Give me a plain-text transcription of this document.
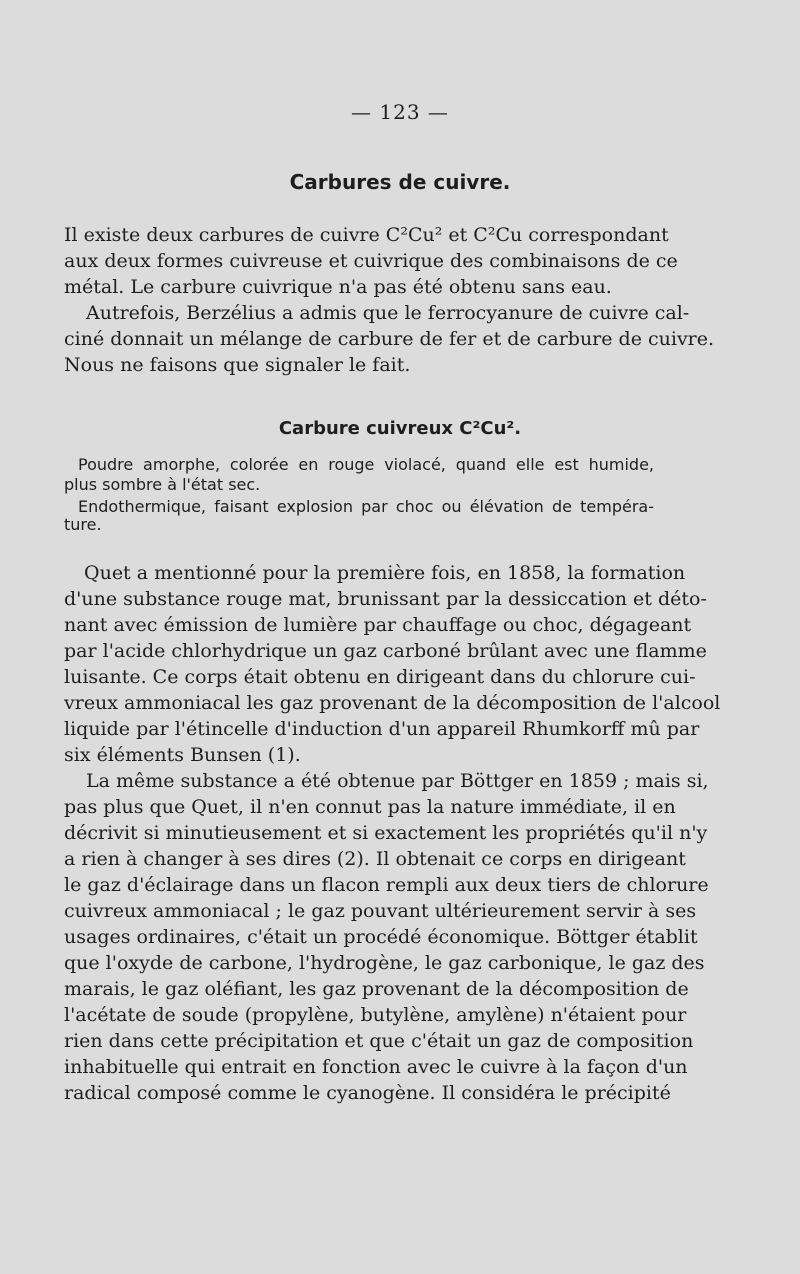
— 123 —
Carbures de cuivre.
Il existe deux carbures de cuivre C²Cu² et C²Cu correspondant
aux deux formes cuivreuse et cuivrique des combinaisons de ce
métal. Le carbure cuivrique n'a pas été obtenu sans eau.
Autrefois, Berzélius a admis que le ferrocyanure de cuivre cal-
ciné donnait un mélange de carbure de fer et de carbure de cuivre.
Nous ne faisons que signaler le fait.
Carbure cuivreux C²Cu².
Poudre amorphe, colorée en rouge violacé, quand elle est humide,
plus sombre à l'état sec.
Endothermique, faisant explosion par choc ou élévation de tempéra-
ture.
Quet a mentionné pour la première fois, en 1858, la formation
d'une substance rouge mat, brunissant par la dessiccation et déto-
nant avec émission de lumière par chauffage ou choc, dégageant
par l'acide chlorhydrique un gaz carboné brûlant avec une flamme
luisante. Ce corps était obtenu en dirigeant dans du chlorure cui-
vreux ammoniacal les gaz provenant de la décomposition de l'alcool
liquide par l'étincelle d'induction d'un appareil Rhumkorff mû par
six éléments Bunsen (1).
La même substance a été obtenue par Böttger en 1859 ; mais si,
pas plus que Quet, il n'en connut pas la nature immédiate, il en
décrivit si minutieusement et si exactement les propriétés qu'il n'y
a rien à changer à ses dires (2). Il obtenait ce corps en dirigeant
le gaz d'éclairage dans un flacon rempli aux deux tiers de chlorure
cuivreux ammoniacal ; le gaz pouvant ultérieurement servir à ses
usages ordinaires, c'était un procédé économique. Böttger établit
que l'oxyde de carbone, l'hydrogène, le gaz carbonique, le gaz des
marais, le gaz oléfiant, les gaz provenant de la décomposition de
l'acétate de soude (propylène, butylène, amylène) n'étaient pour
rien dans cette précipitation et que c'était un gaz de composition
inhabituelle qui entrait en fonction avec le cuivre à la façon d'un
radical composé comme le cyanogène. Il considéra le précipité
